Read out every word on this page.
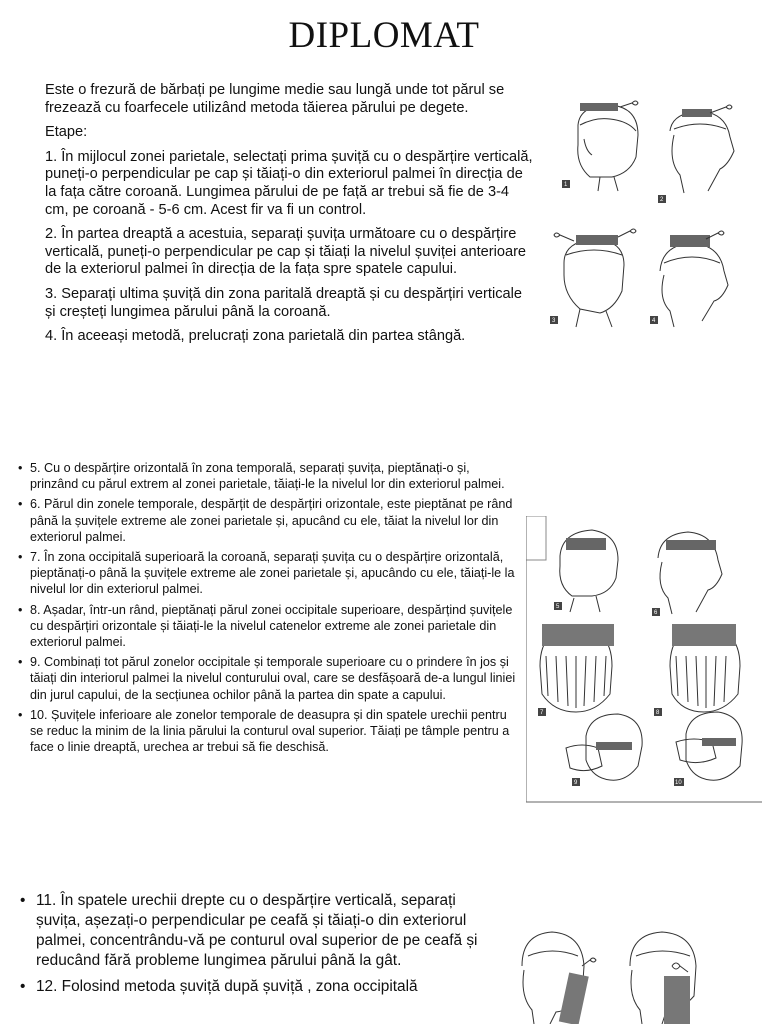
DIPLOMAT

Este o frezură de bărbați pe lungime medie sau lungă unde tot părul se frezează cu foarfecele utilizând metoda tăierea părului pe degete.

Etape:

1. În mijlocul zonei parietale, selectați prima șuviță cu o despărțire verticală, puneți-o perpendicular pe cap și tăiați-o din exteriorul palmei în direcția de la fața către coroană. Lungimea părului de pe față ar trebui să fie de 3-4 cm, pe coroană - 5-6 cm. Acest fir va fi un control.

2. În partea dreaptă a acestuia, separați șuvița următoare cu o despărțire verticală, puneți-o perpendicular pe cap și tăiați la nivelul șuviței anterioare de la exteriorul palmei în direcția de la fața spre spatele capului.

3. Separați ultima șuviță din zona paritală dreaptă și cu despărțiri verticale și creșteți lungimea părului până la coroană.

4. În aceeași metodă, prelucrați zona parietală din partea stângă.

• 5. Cu o despărțire orizontală în zona temporală, separați șuvița, pieptănați-o și, prinzând cu părul extrem al zonei parietale, tăiați-le la nivelul lor din exteriorul palmei.
• 6. Părul din zonele temporale, despărțit de despărțiri orizontale, este pieptănat pe rând până la șuvițele extreme ale zonei parietale și, apucând cu ele, tăiat la nivelul lor din exteriorul palmei.
• 7. În zona occipitală superioară la coroană, separați șuvița cu o despărțire orizontală, pieptănați-o până la șuvițele extreme ale zonei parietale și, apucândo cu ele, tăiați-le la nivelul lor din exteriorul palmei.
• 8. Așadar, într-un rând, pieptănați părul zonei occipitale superioare, despărțind șuvițele cu despărțiri orizontale și tăiați-le la nivelul catenelor extreme ale zonei parietale din exteriorul palmei.
• 9. Combinați tot părul zonelor occipitale și temporale superioare cu o prindere în jos și tăiați din interiorul palmei la nivelul conturului oval, care se desfășoară de-a lungul liniei din jurul capului, de la secțiunea ochilor până la partea din spate a capului.
• 10. Șuvițele inferioare ale zonelor temporale de deasupra și din spatele urechii pentru se reduc la minim de la linia părului la conturul oval superior. Tăiați pe tâmple pentru a face o linie dreaptă, urechea ar trebui să fie deschisă.
• 11. În spatele urechii drepte cu o despărțire verticală, separați șuvița, așezați-o perpendicular pe ceafă și tăiați-o din exteriorul palmei, concentrându-vă pe conturul oval superior de pe ceafă și reducând fără probleme lungimea părului până la gât.
• 12. Folosind metoda șuviță după șuviță , zona occipitală
1
2
3	4
5
6
7	8
9	10
